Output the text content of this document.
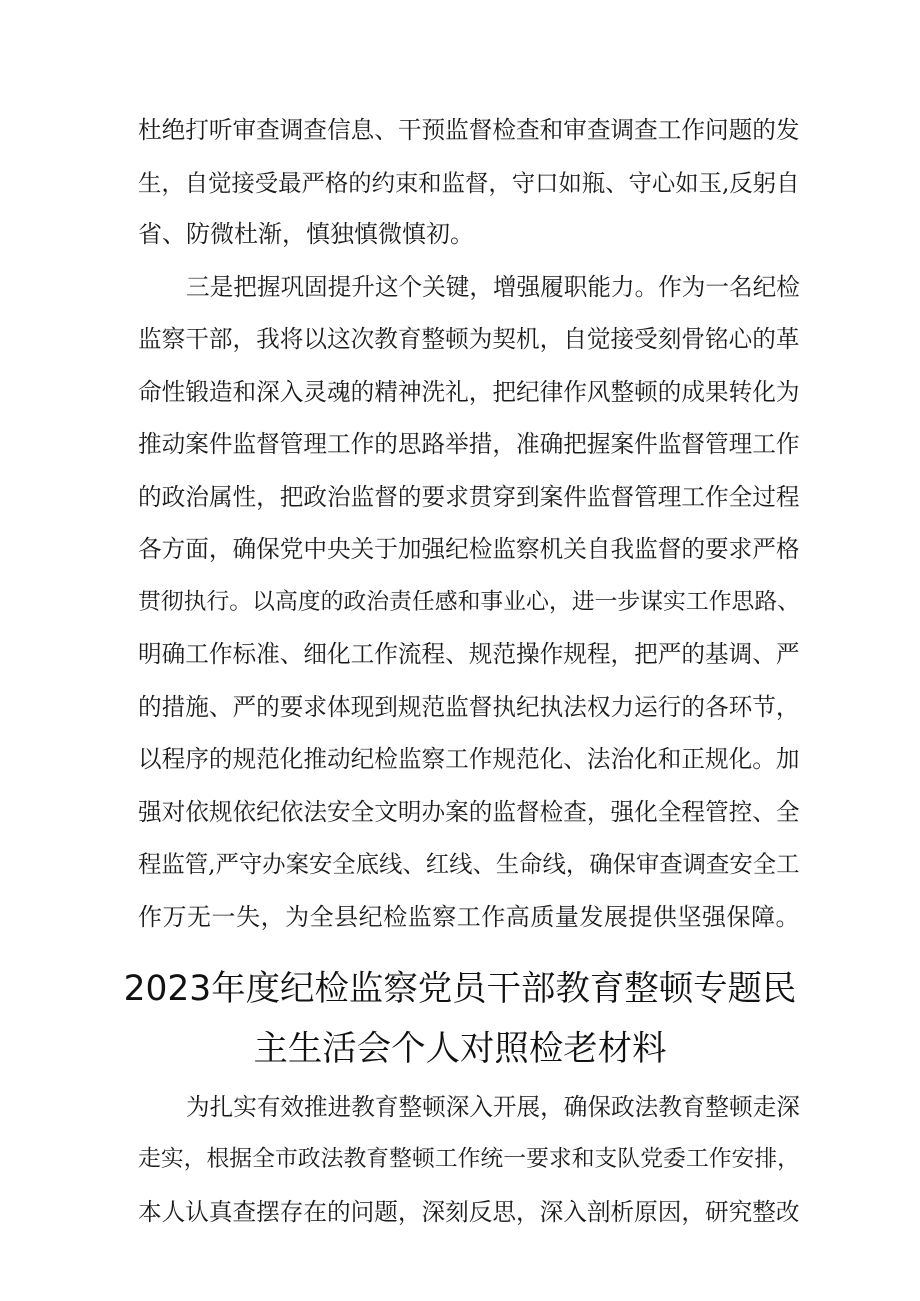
杜绝打听审查调查信息、干预监督检查和审查调查工作问题的发
生，自觉接受最严格的约束和监督，守口如瓶、守心如玉,反躬自
省、防微杜渐，慎独慎微慎初。
三是把握巩固提升这个关键，增强履职能力。作为一名纪检
监察干部，我将以这次教育整顿为契机，自觉接受刻骨铭心的革
命性锻造和深入灵魂的精神洗礼，把纪律作风整顿的成果转化为
推动案件监督管理工作的思路举措，准确把握案件监督管理工作
的政治属性，把政治监督的要求贯穿到案件监督管理工作全过程
各方面，确保党中央关于加强纪检监察机关自我监督的要求严格
贯彻执行。以高度的政治责任感和事业心，进一步谋实工作思路、
明确工作标准、细化工作流程、规范操作规程，把严的基调、严
的措施、严的要求体现到规范监督执纪执法权力运行的各环节，
以程序的规范化推动纪检监察工作规范化、法治化和正规化。加
强对依规依纪依法安全文明办案的监督检查，强化全程管控、全
程监管,严守办案安全底线、红线、生命线，确保审查调查安全工
作万无一失，为全县纪检监察工作高质量发展提供坚强保障。
2023年度纪检监察党员干部教育整顿专题民
主生活会个人对照检老材料
为扎实有效推进教育整顿深入开展，确保政法教育整顿走深
走实，根据全市政法教育整顿工作统一要求和支队党委工作安排，
本人认真查摆存在的问题，深刻反思，深入剖析原因，研究整改
